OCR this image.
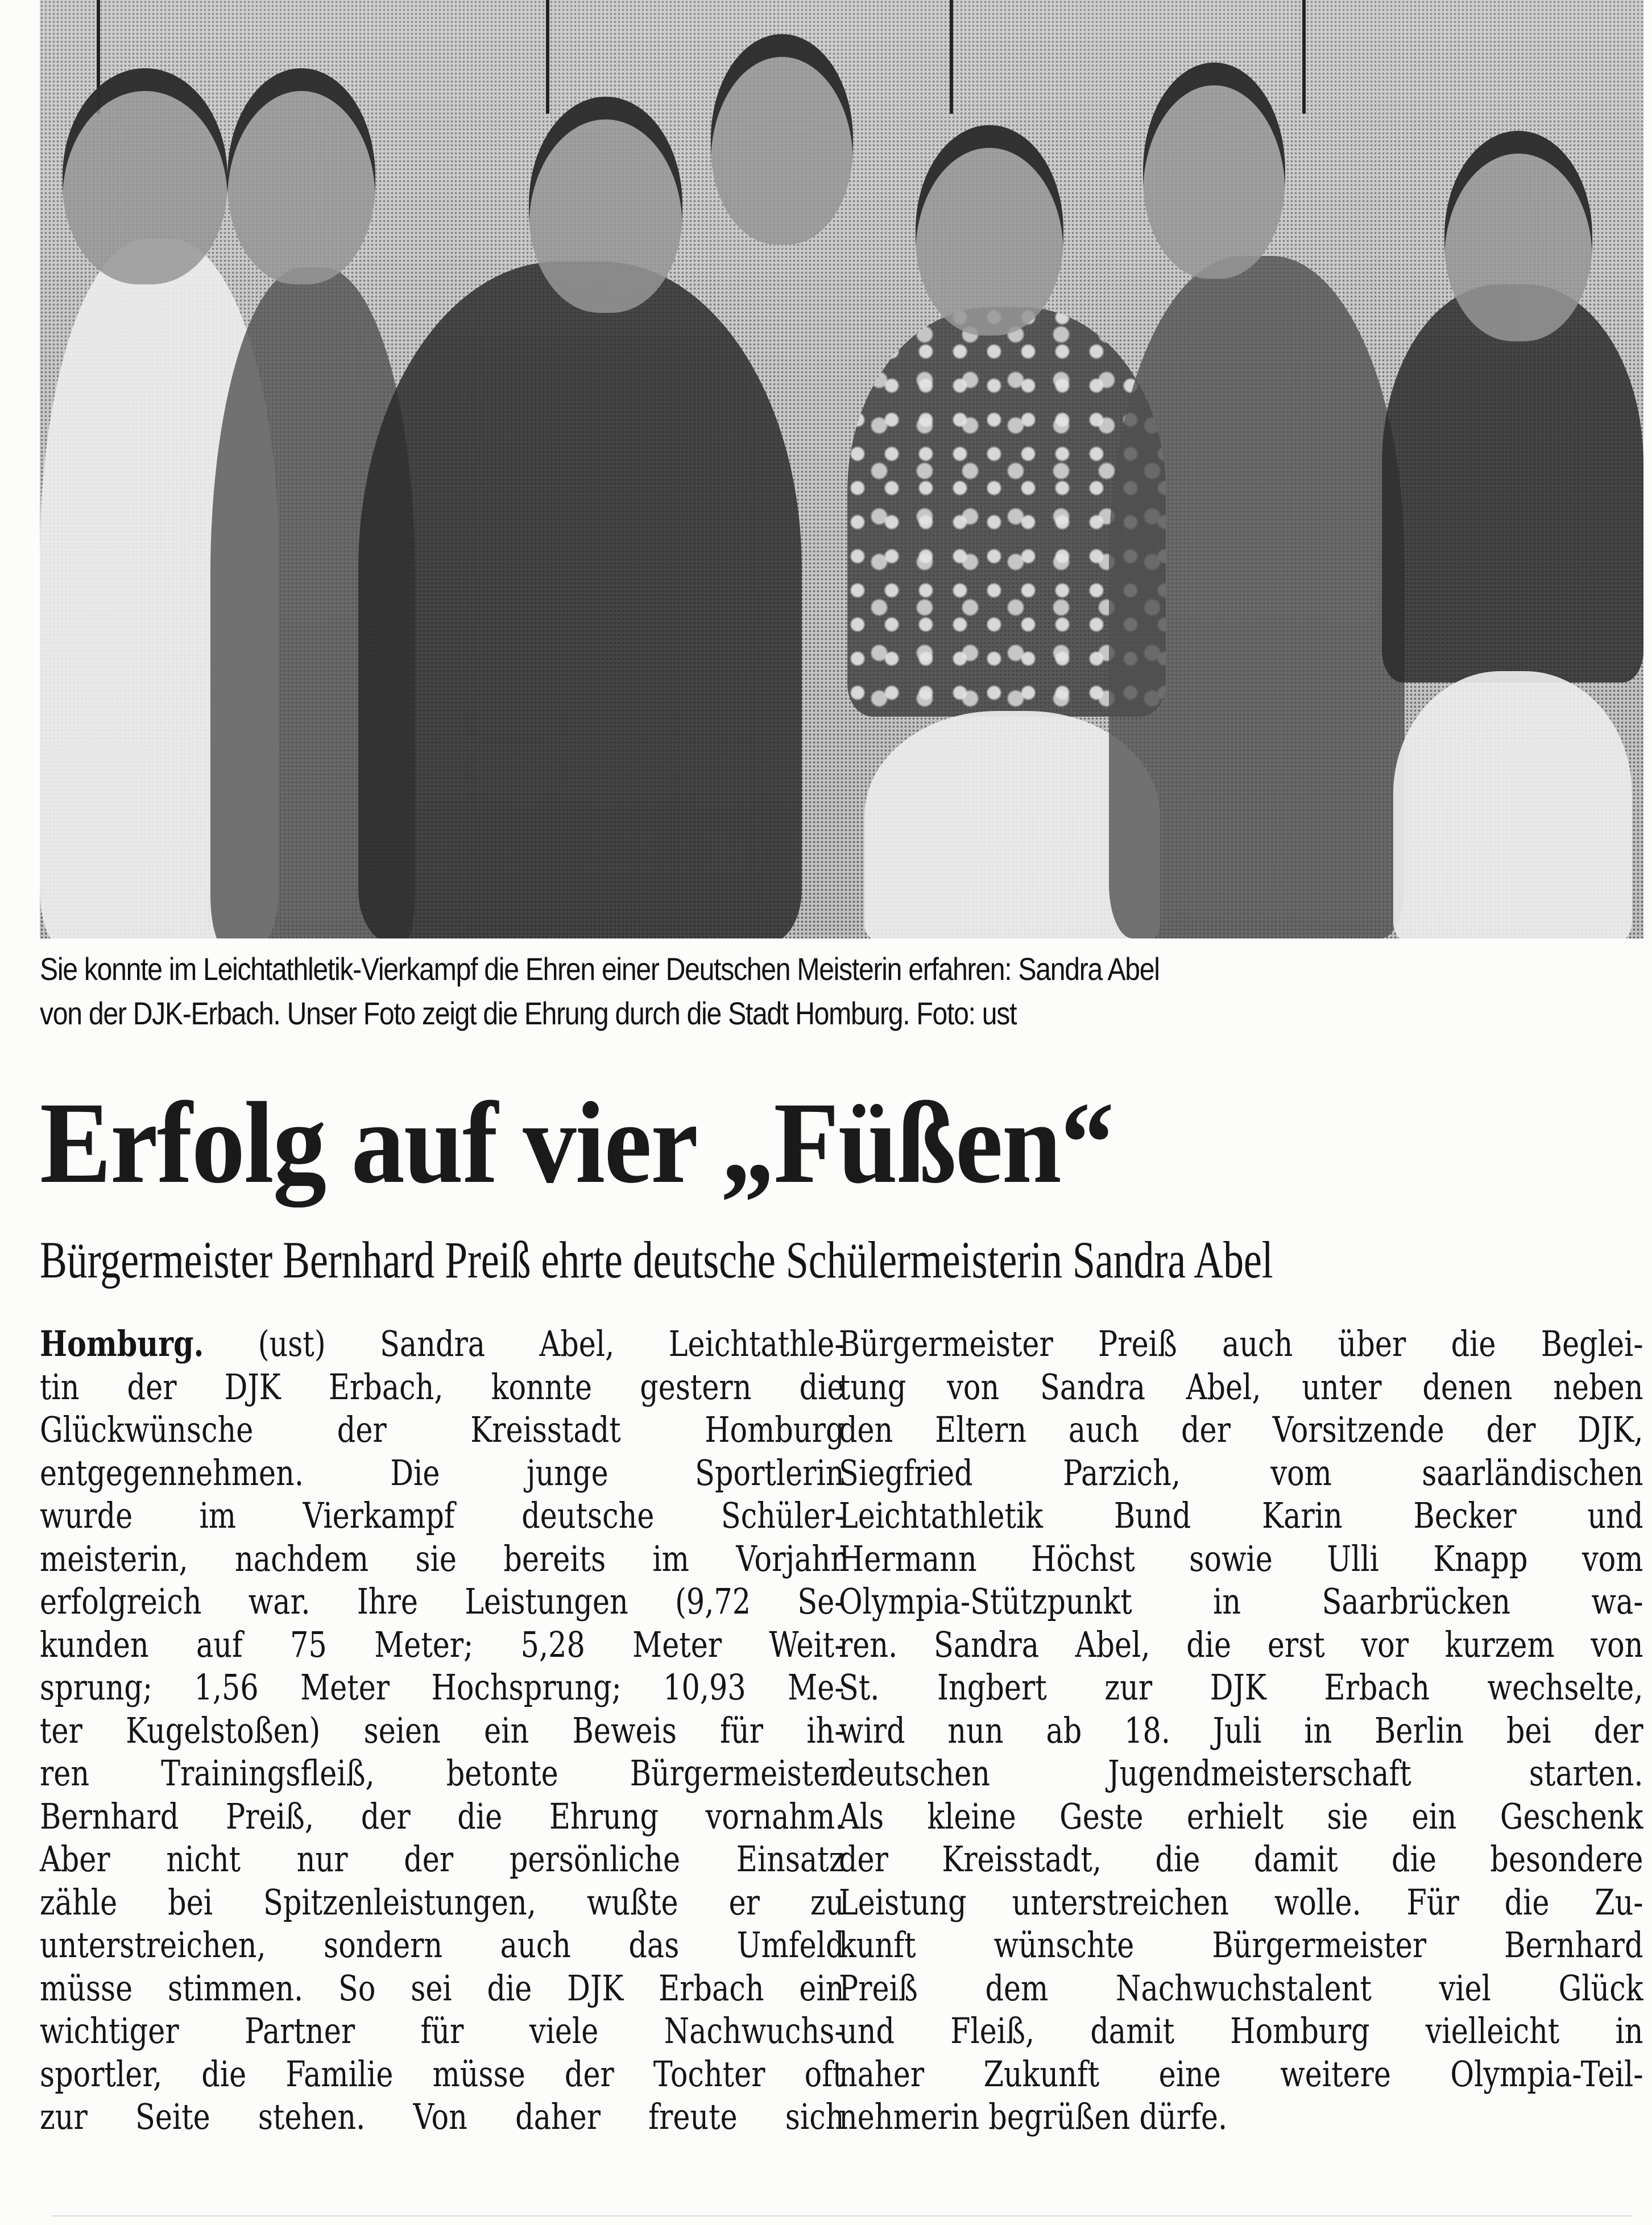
Sie konnte im Leichtathletik-Vierkampf die Ehren einer Deutschen Meisterin erfahren: Sandra Abel
von der DJK-Erbach. Unser Foto zeigt die Ehrung durch die Stadt Homburg. Foto: ust
Erfolg auf vier „Füßen“
Bürgermeister Bernhard Preiß ehrte deutsche Schülermeisterin Sandra Abel
Homburg. (ust) Sandra Abel, Leichtathle-
tin der DJK Erbach, konnte gestern die
Glückwünsche der Kreisstadt Homburg
entgegennehmen. Die junge Sportlerin
wurde im Vierkampf deutsche Schüler-
meisterin, nachdem sie bereits im Vorjahr
erfolgreich war. Ihre Leistungen (9,72 Se-
kunden auf 75 Meter; 5,28 Meter Weit-
sprung; 1,56 Meter Hochsprung; 10,93 Me-
ter Kugelstoßen) seien ein Beweis für ih-
ren Trainingsfleiß, betonte Bürgermeister
Bernhard Preiß, der die Ehrung vornahm.
Aber nicht nur der persönliche Einsatz
zähle bei Spitzenleistungen, wußte er zu
unterstreichen, sondern auch das Umfeld
müsse stimmen. So sei die DJK Erbach ein
wichtiger Partner für viele Nachwuchs-
sportler, die Familie müsse der Tochter oft
zur Seite stehen. Von daher freute sich
Bürgermeister Preiß auch über die Beglei-
tung von Sandra Abel, unter denen neben
den Eltern auch der Vorsitzende der DJK,
Siegfried Parzich, vom saarländischen
Leichtathletik Bund Karin Becker und
Hermann Höchst sowie Ulli Knapp vom
Olympia-Stützpunkt in Saarbrücken wa-
ren. Sandra Abel, die erst vor kurzem von
St. Ingbert zur DJK Erbach wechselte,
wird nun ab 18. Juli in Berlin bei der
deutschen Jugendmeisterschaft starten.
Als kleine Geste erhielt sie ein Geschenk
der Kreisstadt, die damit die besondere
Leistung unterstreichen wolle. Für die Zu-
kunft wünschte Bürgermeister Bernhard
Preiß dem Nachwuchstalent viel Glück
und Fleiß, damit Homburg vielleicht in
naher Zukunft eine weitere Olympia-Teil-
nehmerin begrüßen dürfe.
